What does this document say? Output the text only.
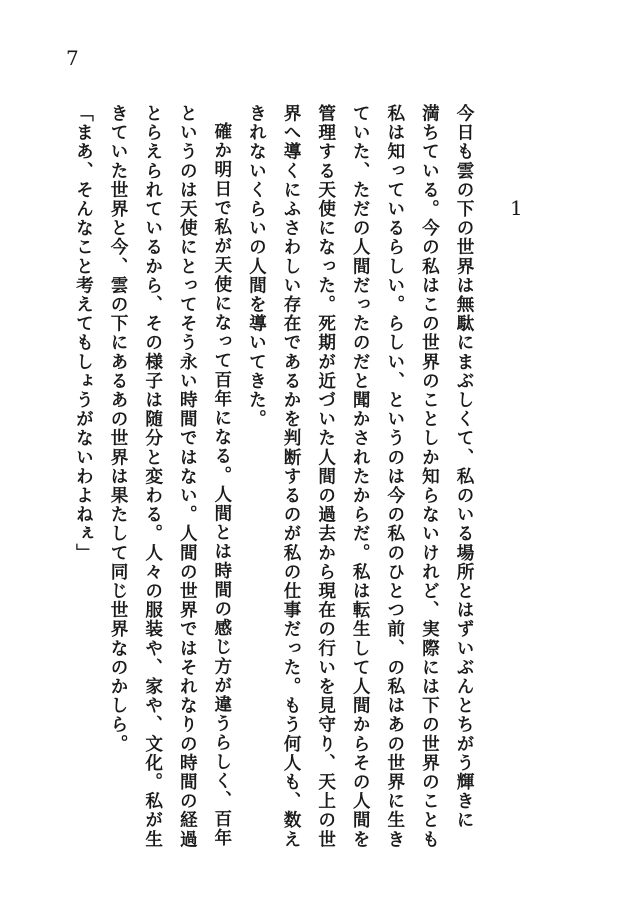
7
1
今日も雲の下の世界は無駄にまぶしくて、私のいる場所とはずいぶんとちがう輝きに
満ちている。今の私はこの世界のことしか知らないけれど、実際には下の世界のことも
私は知っているらしい。らしい、というのは今の私のひとつ前、の私はあの世界に生き
ていた、ただの人間だったのだと聞かされたからだ。私は転生して人間からその人間を
管理する天使になった。死期が近づいた人間の過去から現在の行いを見守り、天上の世
界へ導くにふさわしい存在であるかを判断するのが私の仕事だった。もう何人も、数え
きれないくらいの人間を導いてきた。
確か明日で私が天使になって百年になる。人間とは時間の感じ方が違うらしく、百年
というのは天使にとってそう永い時間ではない。人間の世界ではそれなりの時間の経過
とらえられているから、その様子は随分と変わる。人々の服装や、家や、文化。私が生
きていた世界と今、雲の下にあるあの世界は果たして同じ世界なのかしら。
「まあ、そんなこと考えてもしょうがないわよねぇ」
